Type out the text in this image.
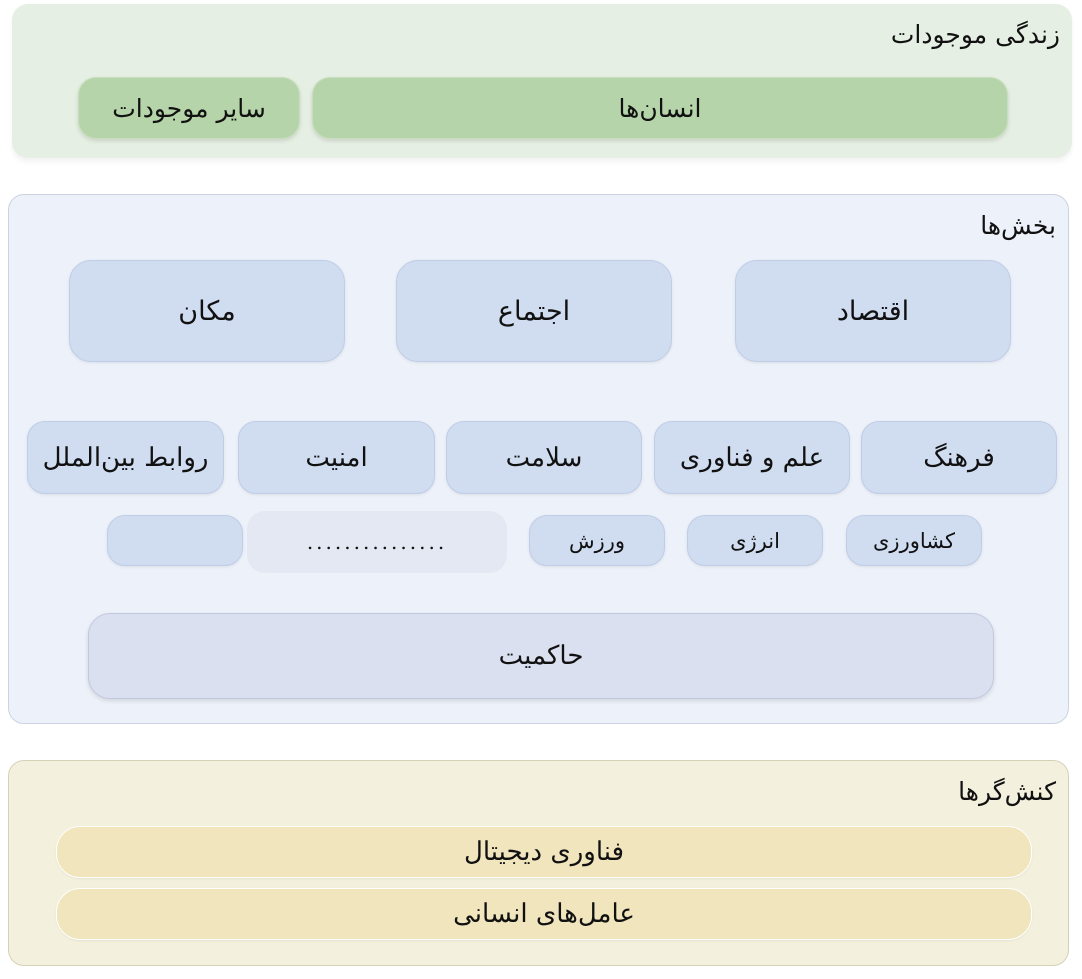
زندگی موجودات
انسان‌ها
سایر موجودات
بخش‌ها
اقتصاد
اجتماع
مکان
فرهنگ
علم و فناوری
سلامت
امنیت
روابط بین‌الملل
کشاورزی
انرژی
ورزش
...............
حاکمیت
کنش‌گرها
فناوری دیجیتال
عامل‌های انسانی
